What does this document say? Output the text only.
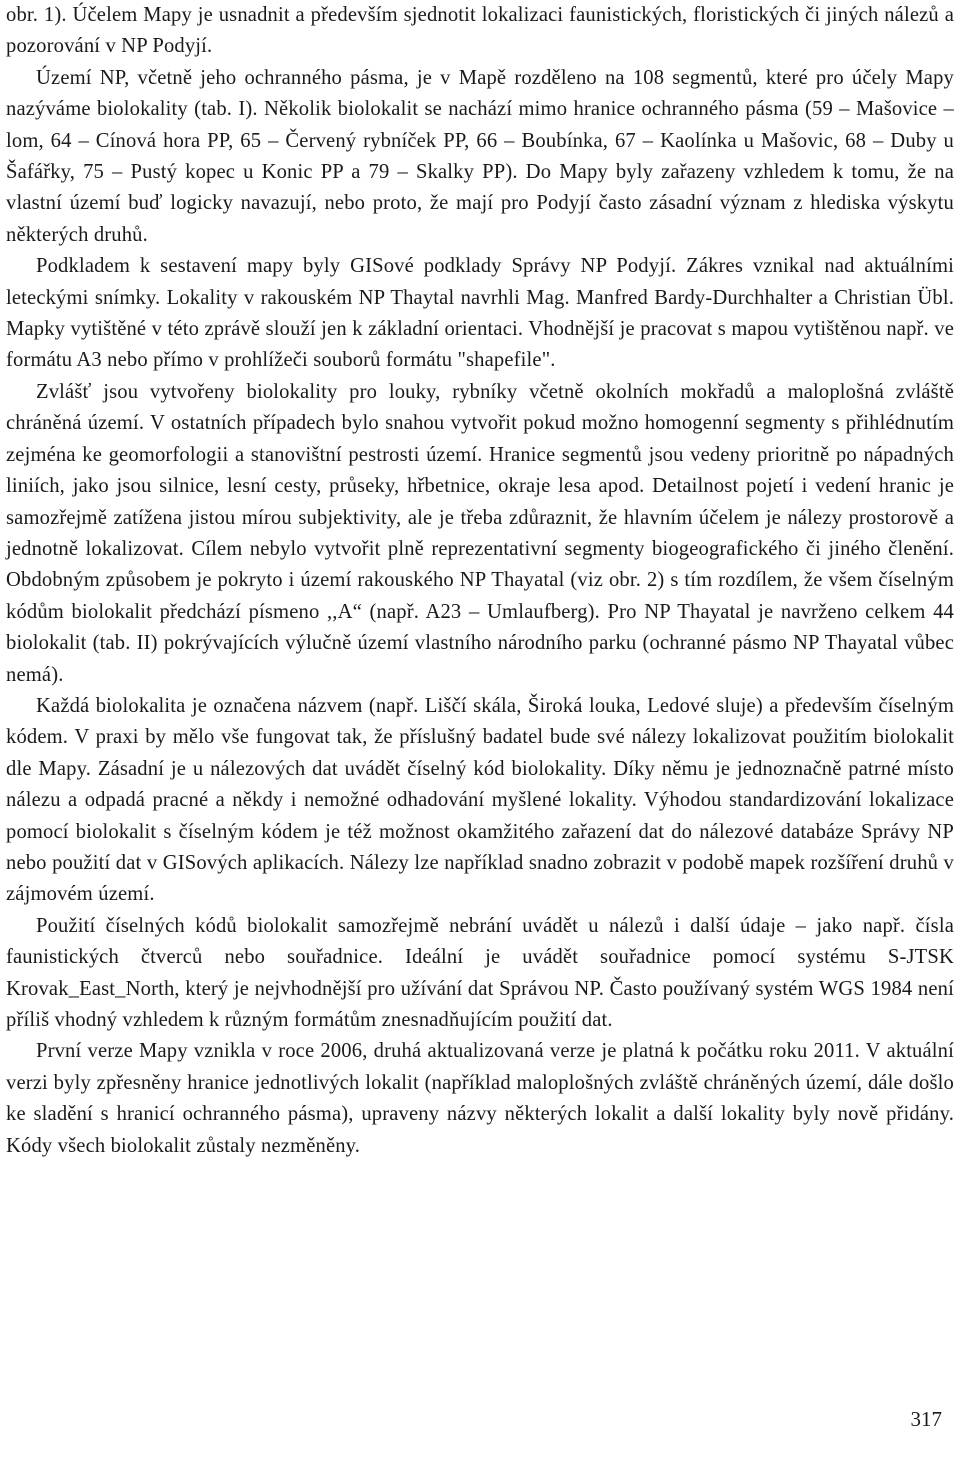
obr. 1). Účelem Mapy je usnadnit a především sjednotit lokalizaci faunistických, floristických či jiných nálezů a pozorování v NP Podyjí.

Území NP, včetně jeho ochranného pásma, je v Mapě rozděleno na 108 segmentů, které pro účely Mapy nazýváme biolokality (tab. I). Několik biolokalit se nachází mimo hranice ochranného pásma (59 – Mašovice – lom, 64 – Cínová hora PP, 65 – Červený rybníček PP, 66 – Boubínka, 67 – Kaolínka u Mašovic, 68 – Duby u Šafářky, 75 – Pustý kopec u Konic PP a 79 – Skalky PP). Do Mapy byly zařazeny vzhledem k tomu, že na vlastní území buď logicky navazují, nebo proto, že mají pro Podyjí často zásadní význam z hlediska výskytu některých druhů.

Podkladem k sestavení mapy byly GISové podklady Správy NP Podyjí. Zákres vznikal nad aktuálními leteckými snímky. Lokality v rakouském NP Thaytal navrhli Mag. Manfred Bardy-Durchhalter a Christian Übl. Mapky vytištěné v této zprávě slouží jen k základní orientaci. Vhodnější je pracovat s mapou vytištěnou např. ve formátu A3 nebo přímo v prohlížeči souborů formátu "shapefile".

Zvlášť jsou vytvořeny biolokality pro louky, rybníky včetně okolních mokřadů a maloplošná zvláště chráněná území. V ostatních případech bylo snahou vytvořit pokud možno homogenní segmenty s přihlédnutím zejména ke geomorfologii a stanovištní pestrosti území. Hranice segmentů jsou vedeny prioritně po nápadných liniích, jako jsou silnice, lesní cesty, průseky, hřbetnice, okraje lesa apod. Detailnost pojetí i vedení hranic je samozřejmě zatížena jistou mírou subjektivity, ale je třeba zdůraznit, že hlavním účelem je nálezy prostorově a jednotně lokalizovat. Cílem nebylo vytvořit plně reprezentativní segmenty biogeografického či jiného členění. Obdobným způsobem je pokryto i území rakouského NP Thayatal (viz obr. 2) s tím rozdílem, že všem číselným kódům biolokalit předchází písmeno ,,A“ (např. A23 – Umlaufberg). Pro NP Thayatal je navrženo celkem 44 biolokalit (tab. II) pokrývajících výlučně území vlastního národního parku (ochranné pásmo NP Thayatal vůbec nemá).

Každá biolokalita je označena názvem (např. Liščí skála, Široká louka, Ledové sluje) a především číselným kódem. V praxi by mělo vše fungovat tak, že příslušný badatel bude své nálezy lokalizovat použitím biolokalit dle Mapy. Zásadní je u nálezových dat uvádět číselný kód biolokality. Díky němu je jednoznačně patrné místo nálezu a odpadá pracné a někdy i nemožné odhadování myšlené lokality. Výhodou standardizování lokalizace pomocí biolokalit s číselným kódem je též možnost okamžitého zařazení dat do nálezové databáze Správy NP nebo použití dat v GISových aplikacích. Nálezy lze například snadno zobrazit v podobě mapek rozšíření druhů v zájmovém území.

Použití číselných kódů biolokalit samozřejmě nebrání uvádět u nálezů i další údaje – jako např. čísla faunistických čtverců nebo souřadnice. Ideální je uvádět souřadnice pomocí systému S-JTSK Krovak_East_North, který je nejvhodnější pro užívání dat Správou NP. Často používaný systém WGS 1984 není příliš vhodný vzhledem k různým formátům znesnadňujícím použití dat.

První verze Mapy vznikla v roce 2006, druhá aktualizovaná verze je platná k počátku roku 2011. V aktuální verzi byly zpřesněny hranice jednotlivých lokalit (například maloplošných zvláště chráněných území, dále došlo ke sladění s hranicí ochranného pásma), upraveny názvy některých lokalit a další lokality byly nově přidány. Kódy všech biolokalit zůstaly nezměněny.

317
